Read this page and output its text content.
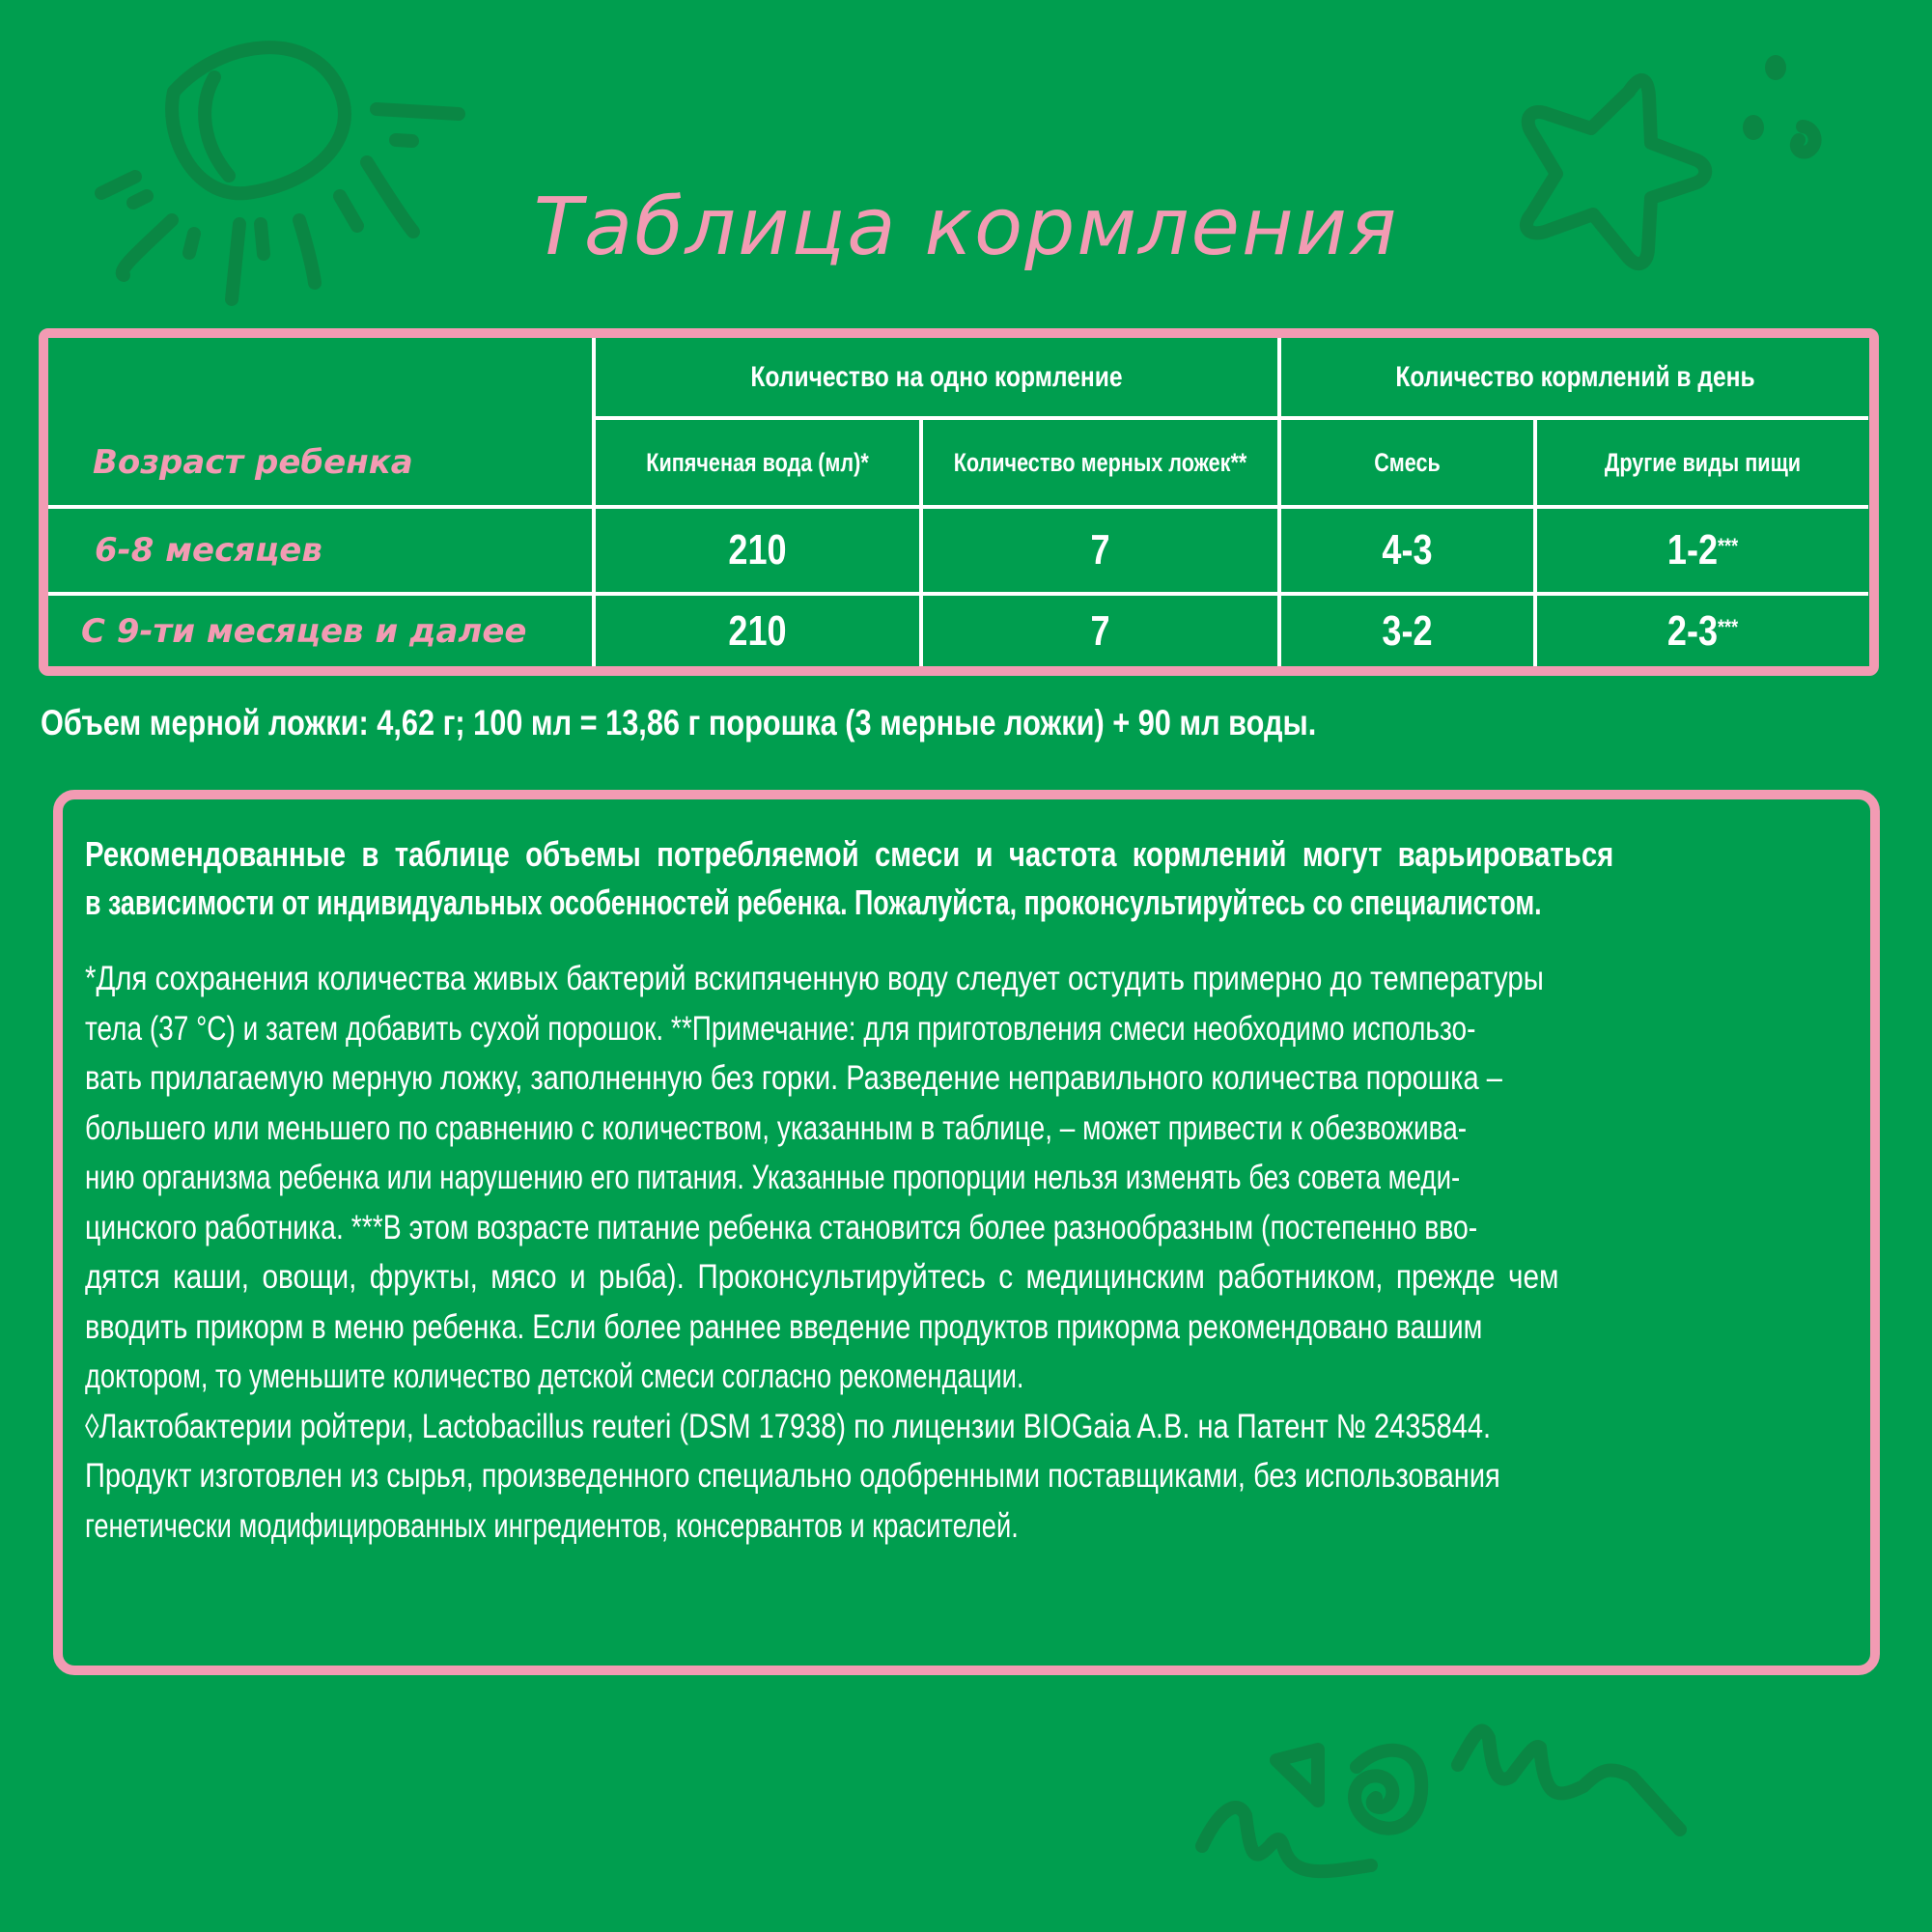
Таблица кормления
Возраст ребенка
Количество на одно кормление	Количество кормлений в день
Кипяченая вода (мл)*	Количество мерных ложек**	Смесь	Другие виды пищи
6-8 месяцев	210	7	4-3	1-2***
С 9-ти месяцев и далее	210	7	3-2	2-3***
Объем мерной ложки: 4,62 г; 100 мл = 13,86 г порошка (3 мерные ложки) + 90 мл воды.
Рекомендованные в таблице объемы потребляемой смеси и частота кормлений могут варьироваться
в зависимости от индивидуальных особенностей ребенка. Пожалуйста, проконсультируйтесь со специалистом.
*Для сохранения количества живых бактерий вскипяченную воду следует остудить примерно до температуры
тела (37 °С) и затем добавить сухой порошок. **Примечание: для приготовления смеси необходимо использо-
вать прилагаемую мерную ложку, заполненную без горки. Разведение неправильного количества порошка –
большего или меньшего по сравнению с количеством, указанным в таблице, – может привести к обезвожива-
нию организма ребенка или нарушению его питания. Указанные пропорции нельзя изменять без совета меди-
цинского работника. ***В этом возрасте питание ребенка становится более разнообразным (постепенно вво-
дятся каши, овощи, фрукты, мясо и рыба). Проконсультируйтесь с медицинским работником, прежде чем
вводить прикорм в меню ребенка. Если более раннее введение продуктов прикорма рекомендовано вашим
доктором, то уменьшите количество детской смеси согласно рекомендации.
◊Лактобактерии ройтери, Lactobacillus reuteri (DSM 17938) по лицензии BIOGaia A.B. на Патент № 2435844.
Продукт изготовлен из сырья, произведенного специально одобренными поставщиками, без использования
генетически модифицированных ингредиентов, консервантов и красителей.
